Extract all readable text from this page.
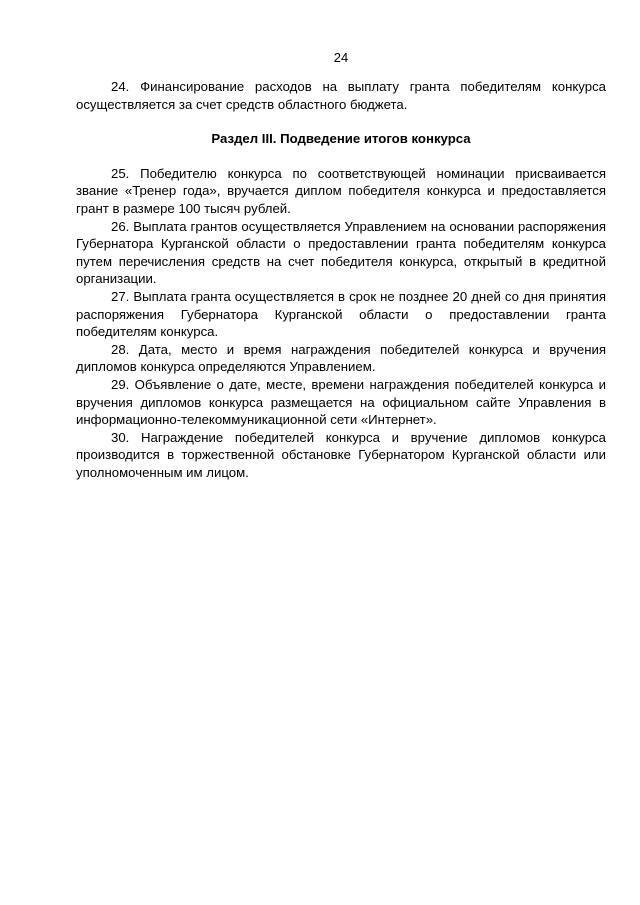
24

24. Финансирование расходов на выплату гранта победителям конкурса осуществляется за счет средств областного бюджета.

Раздел III. Подведение итогов конкурса

25. Победителю конкурса по соответствующей номинации присваивается звание «Тренер года», вручается диплом победителя конкурса и предоставляется грант в размере 100 тысяч рублей.

26. Выплата грантов осуществляется Управлением на основании распоряжения Губернатора Курганской области о предоставлении гранта победителям конкурса путем перечисления средств на счет победителя конкурса, открытый в кредитной организации.

27. Выплата гранта осуществляется в срок не позднее 20 дней со дня принятия распоряжения Губернатора Курганской области о предоставлении гранта победителям конкурса.

28. Дата, место и время награждения победителей конкурса и вручения дипломов конкурса определяются Управлением.

29. Объявление о дате, месте, времени награждения победителей конкурса и вручения дипломов конкурса размещается на официальном сайте Управления в информационно-телекоммуникационной сети «Интернет».

30. Награждение победителей конкурса и вручение дипломов конкурса производится в торжественной обстановке Губернатором Курганской области или уполномоченным им лицом.
